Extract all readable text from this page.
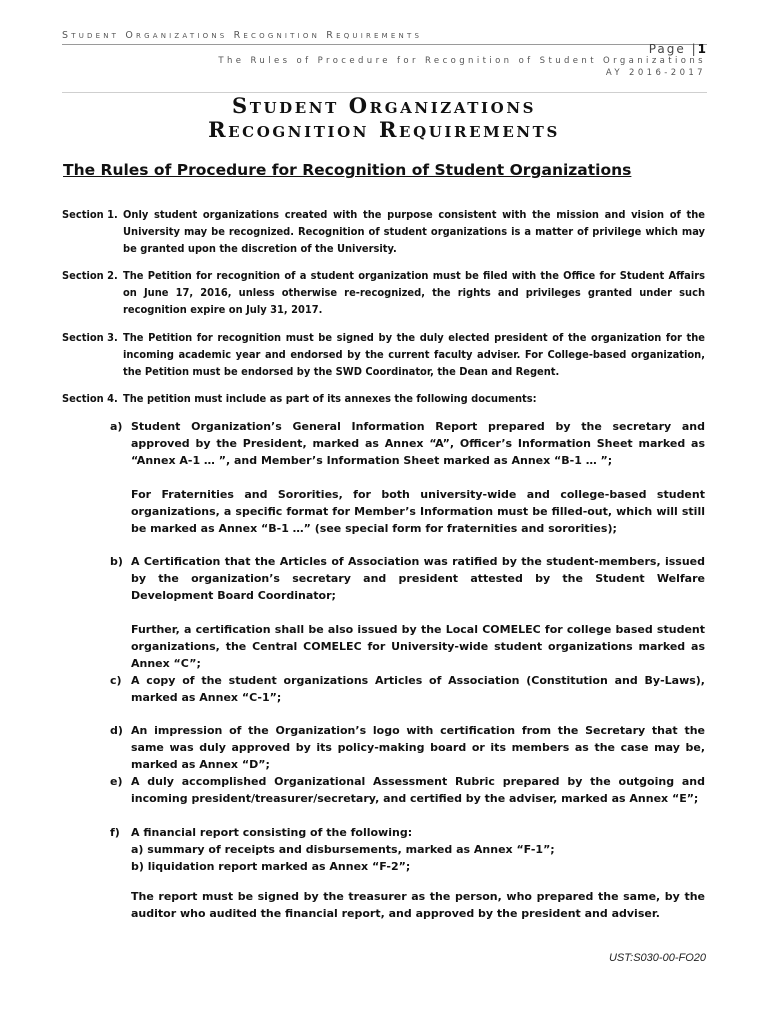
Student Organizations Recognition Requirements
Page |1
The Rules of Procedure for Recognition of Student Organizations
AY 2016-2017
Student Organizations
Recognition Requirements
The Rules of Procedure for Recognition of Student Organizations
Section 1. Only student organizations created with the purpose consistent with the mission and vision of the University may be recognized. Recognition of student organizations is a matter of privilege which may be granted upon the discretion of the University.
Section 2. The Petition for recognition of a student organization must be filed with the Office for Student Affairs on June 17, 2016, unless otherwise re-recognized, the rights and privileges granted under such recognition expire on July 31, 2017.
Section 3. The Petition for recognition must be signed by the duly elected president of the organization for the incoming academic year and endorsed by the current faculty adviser. For College-based organization, the Petition must be endorsed by the SWD Coordinator, the Dean and Regent.
Section 4. The petition must include as part of its annexes the following documents:
a) Student Organization’s General Information Report prepared by the secretary and approved by the President, marked as Annex “A”, Officer’s Information Sheet marked as “Annex A-1 … ”, and Member’s Information Sheet marked as Annex “B-1 … ”;
For Fraternities and Sororities, for both university-wide and college-based student organizations, a specific format for Member’s Information must be filled-out, which will still be marked as Annex “B-1 …” (see special form for fraternities and sororities);
b) A Certification that the Articles of Association was ratified by the student-members, issued by the organization’s secretary and president attested by the Student Welfare Development Board Coordinator;
Further, a certification shall be also issued by the Local COMELEC for college based student organizations, the Central COMELEC for University-wide student organizations marked as Annex “C”;
c) A copy of the student organizations Articles of Association (Constitution and By-Laws), marked as Annex “C-1”;
d) An impression of the Organization’s logo with certification from the Secretary that the same was duly approved by its policy-making board or its members as the case may be, marked as Annex “D”;
e) A duly accomplished Organizational Assessment Rubric prepared by the outgoing and incoming president/treasurer/secretary, and certified by the adviser, marked as Annex “E”;
f) A financial report consisting of the following:
a) summary of receipts and disbursements, marked as Annex “F-1”;
b) liquidation report marked as Annex “F-2”;
The report must be signed by the treasurer as the person, who prepared the same, by the auditor who audited the financial report, and approved by the president and adviser.
UST:S030-00-FO20
